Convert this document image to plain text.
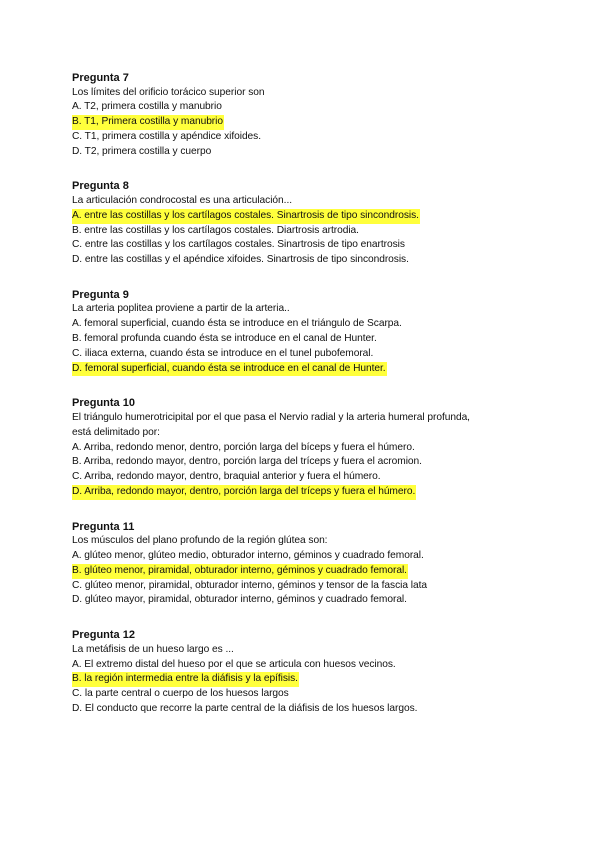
Pregunta 7

Los límites del orificio torácico superior son

A. T2, primera costilla y manubrio

B. T1, Primera costilla y manubrio

C. T1, primera costilla y apéndice xifoides.

D. T2, primera costilla y cuerpo

Pregunta 8

La articulación condrocostal es una articulación...

A. entre las costillas y los cartílagos costales. Sinartrosis de tipo sincondrosis.

B. entre las costillas y los cartílagos costales. Diartrosis artrodia.

C. entre las costillas y los cartílagos costales. Sinartrosis de tipo enartrosis

D. entre las costillas y el apéndice xifoides. Sinartrosis de tipo sincondrosis.

Pregunta 9

La arteria poplitea proviene a partir de la arteria..

A. femoral superficial, cuando ésta se introduce en el triángulo de Scarpa.

B. femoral profunda cuando ésta se introduce en el canal de Hunter.

C. iliaca externa, cuando ésta se introduce en el tunel pubofemoral.

D. femoral superficial, cuando ésta se introduce en el canal de Hunter.

Pregunta 10

El triángulo humerotricipital por el que pasa el Nervio radial y la arteria humeral profunda,

está delimitado por:

A. Arriba, redondo menor, dentro, porción larga del bíceps y fuera el húmero.

B. Arriba, redondo mayor, dentro, porción larga del tríceps y fuera el acromion.

C. Arriba, redondo mayor, dentro, braquial anterior y fuera el húmero.

D. Arriba, redondo mayor, dentro, porción larga del tríceps y fuera el húmero.

Pregunta 11

Los músculos del plano profundo de la región glútea son:

A. glúteo menor, glúteo medio, obturador interno, géminos y cuadrado femoral.

B. glúteo menor, piramidal, obturador interno, géminos y cuadrado femoral.

C. glúteo menor, piramidal, obturador interno, géminos y tensor de la fascia lata

D. glúteo mayor, piramidal, obturador interno, géminos y cuadrado femoral.

Pregunta 12

La metáfisis de un hueso largo es ...

A. El extremo distal del hueso por el que se articula con huesos vecinos.

B. la región intermedia entre la diáfisis y la epífisis.

C. la parte central o cuerpo de los huesos largos

D. El conducto que recorre la parte central de la diáfisis de los huesos largos.
